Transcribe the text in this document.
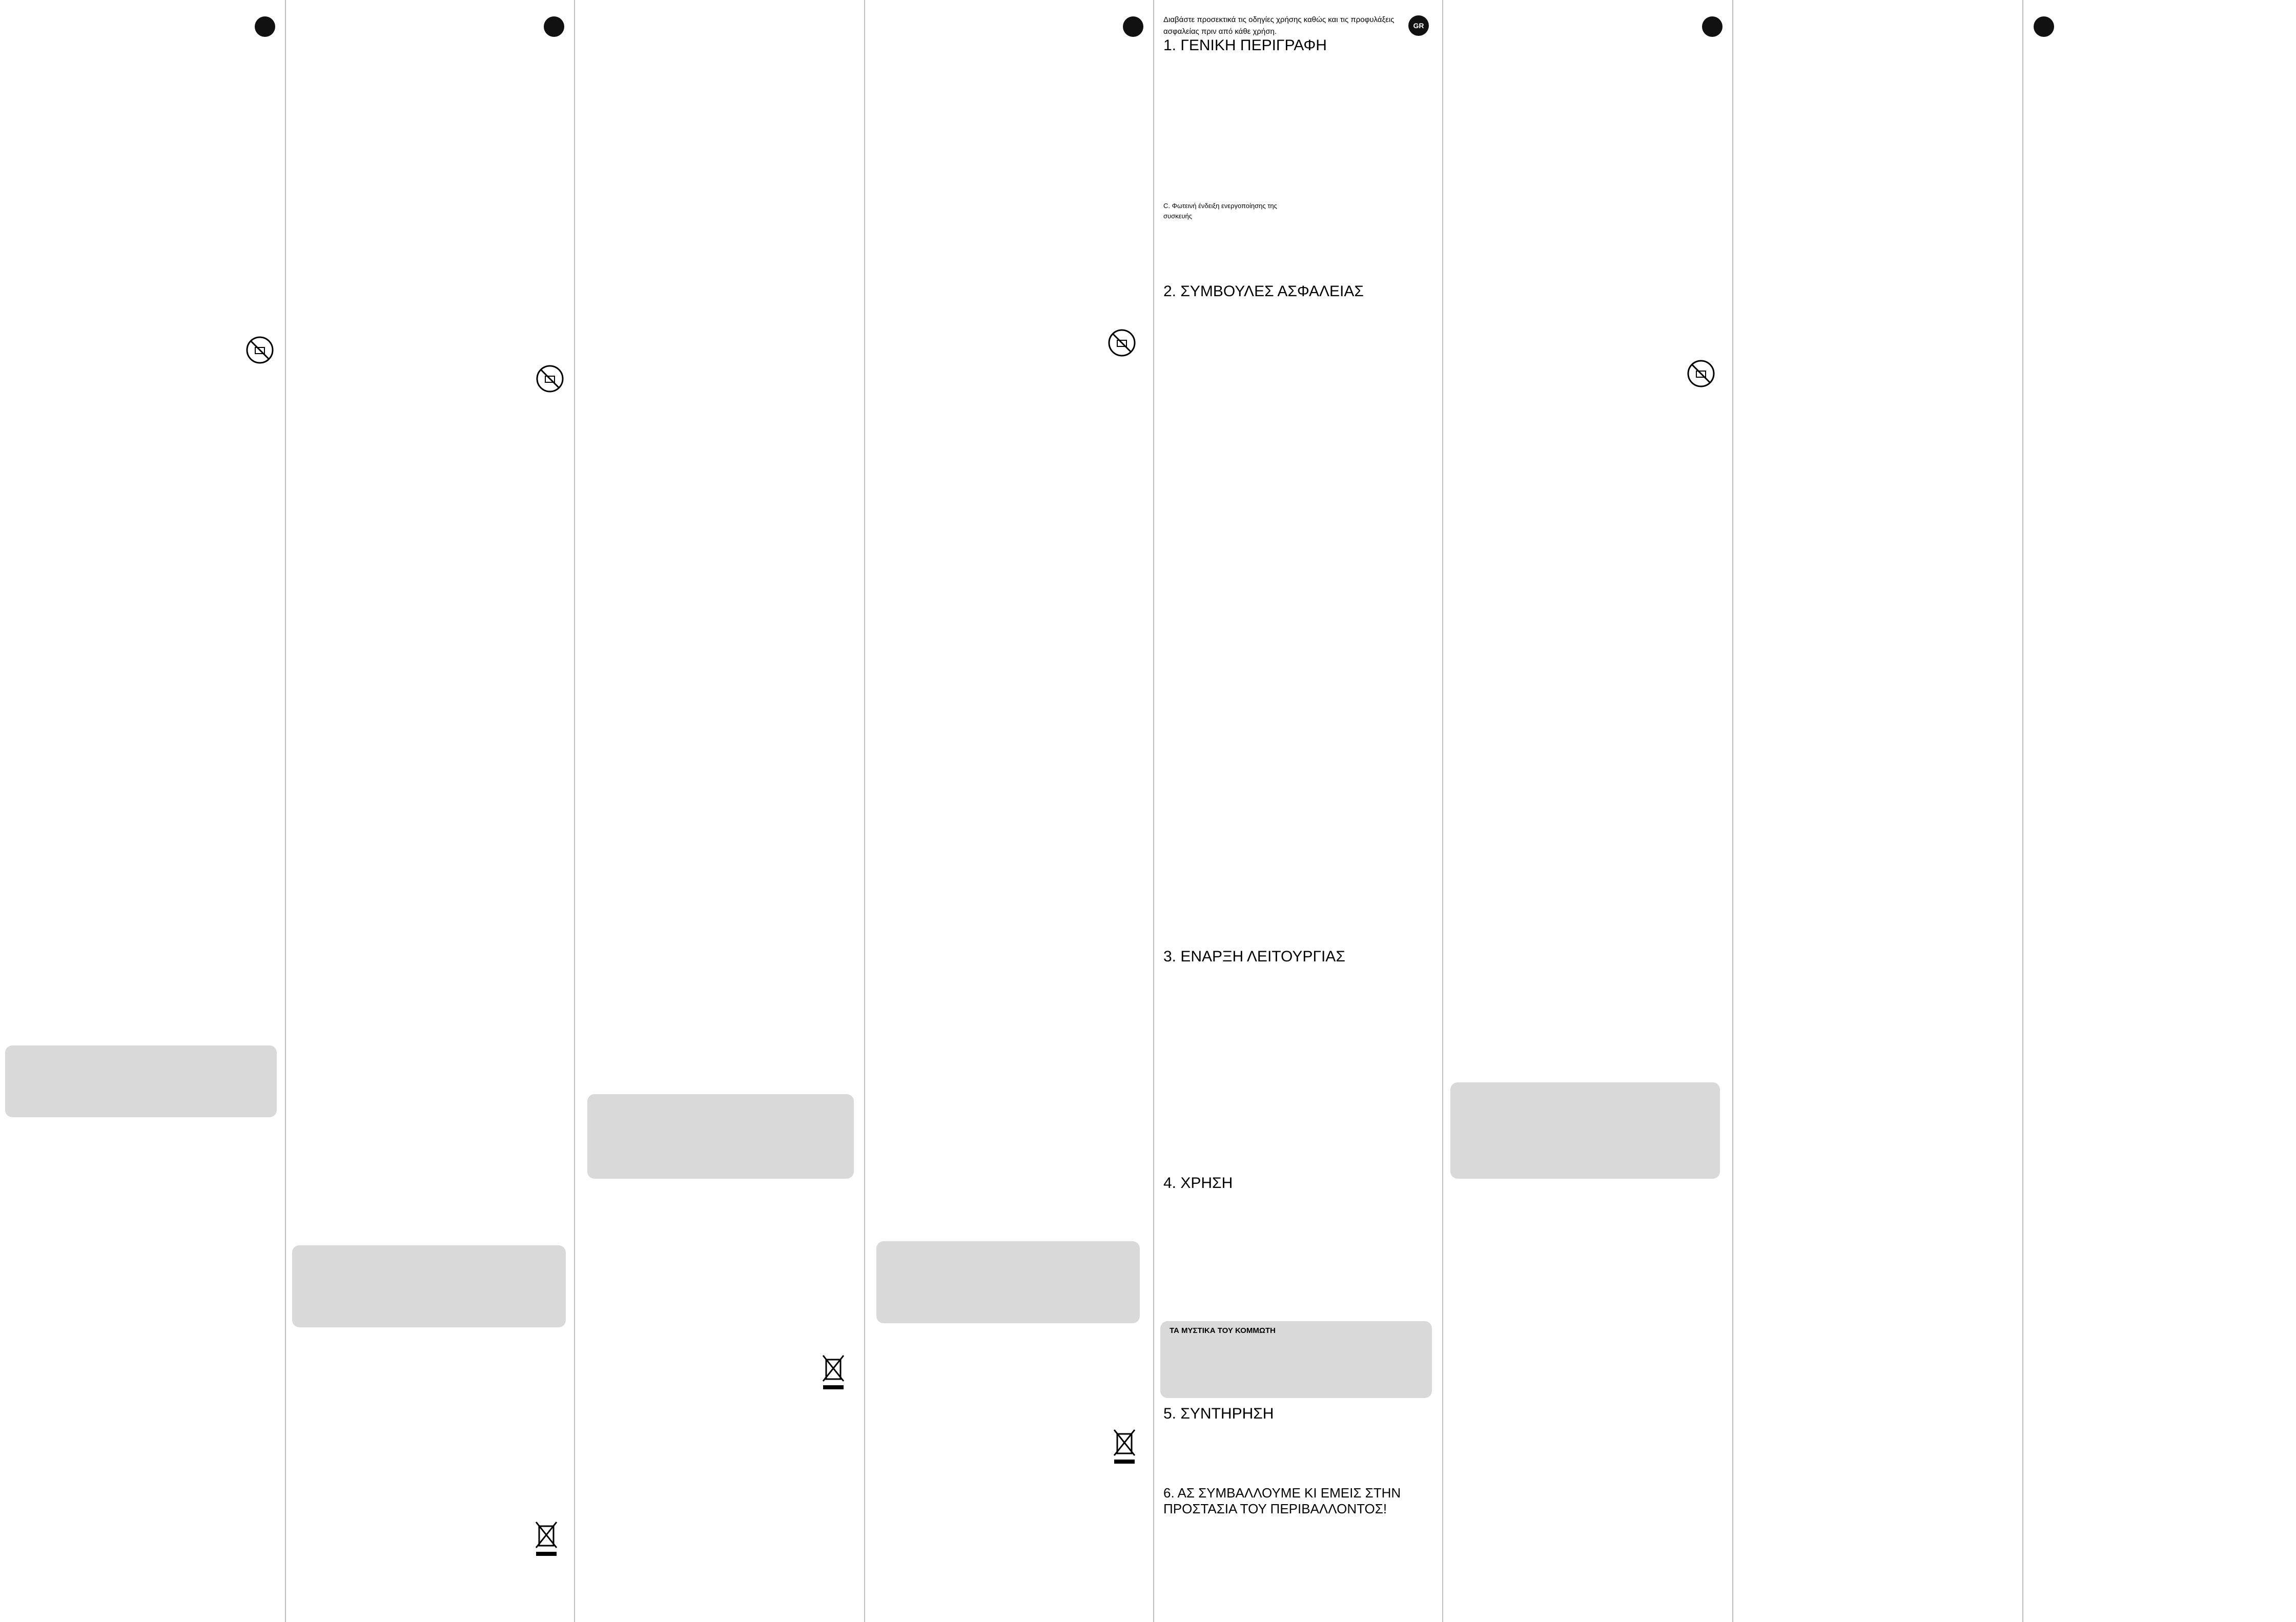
Διαβάστε προσεκτικά τις οδηγίες χρήσης καθώς και τις προφυλάξεις ασφαλείας πριν από κάθε χρήση.
GR
1. ΓΕΝΙΚΗ ΠΕΡΙΓΡΑΦΗ
C. Φωτεινή ένδειξη ενεργοποίησης της συσκευής
2. ΣΥΜΒΟΥΛΕΣ ΑΣΦΑΛΕΙΑΣ
3. ΕΝΑΡΞΗ ΛΕΙΤΟΥΡΓΙΑΣ
4. ΧΡΗΣΗ
ΤΑ ΜΥΣΤΙΚΑ ΤΟΥ ΚΟΜΜΩΤΗ
5. ΣΥΝΤΗΡΗΣΗ
6. ΑΣ ΣΥΜΒΑΛΛΟΥΜΕ ΚΙ ΕΜΕΙΣ ΣΤΗΝ ΠΡΟΣΤΑΣΙΑ ΤΟΥ ΠΕΡΙΒΑΛΛΟΝΤΟΣ!
